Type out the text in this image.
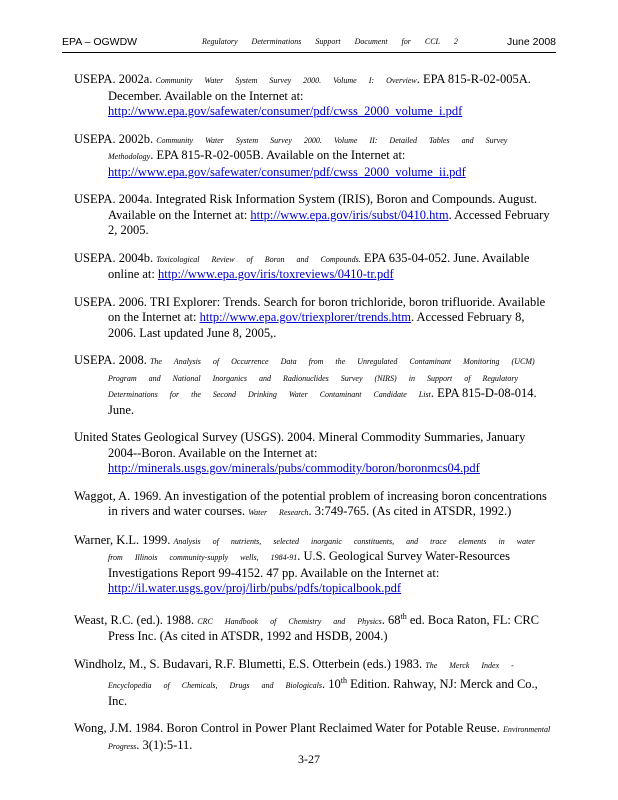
EPA – OGWDW	Regulatory Determinations Support Document for CCL 2	June 2008
USEPA. 2002a. Community Water System Survey 2000. Volume I: Overview. EPA 815-R-02-005A. December. Available on the Internet at: http://www.epa.gov/safewater/consumer/pdf/cwss_2000_volume_i.pdf
USEPA. 2002b. Community Water System Survey 2000. Volume II: Detailed Tables and Survey Methodology. EPA 815-R-02-005B. Available on the Internet at: http://www.epa.gov/safewater/consumer/pdf/cwss_2000_volume_ii.pdf
USEPA. 2004a. Integrated Risk Information System (IRIS), Boron and Compounds. August. Available on the Internet at: http://www.epa.gov/iris/subst/0410.htm. Accessed February 2, 2005.
USEPA. 2004b. Toxicological Review of Boron and Compounds. EPA 635-04-052. June. Available online at: http://www.epa.gov/iris/toxreviews/0410-tr.pdf
USEPA. 2006. TRI Explorer: Trends. Search for boron trichloride, boron trifluoride. Available on the Internet at: http://www.epa.gov/triexplorer/trends.htm. Accessed February 8, 2006. Last updated June 8, 2005,.
USEPA. 2008. The Analysis of Occurrence Data from the Unregulated Contaminant Monitoring (UCM) Program and National Inorganics and Radionuclides Survey (NIRS) in Support of Regulatory Determinations for the Second Drinking Water Contaminant Candidate List. EPA 815-D-08-014. June.
United States Geological Survey (USGS). 2004. Mineral Commodity Summaries, January 2004--Boron. Available on the Internet at: http://minerals.usgs.gov/minerals/pubs/commodity/boron/boronmcs04.pdf
Waggot, A. 1969. An investigation of the potential problem of increasing boron concentrations in rivers and water courses. Water Research. 3:749-765. (As cited in ATSDR, 1992.)
Warner, K.L. 1999. Analysis of nutrients, selected inorganic constituents, and trace elements in water from Illinois community-supply wells, 1984-91. U.S. Geological Survey Water-Resources Investigations Report 99-4152. 47 pp. Available on the Internet at: http://il.water.usgs.gov/proj/lirb/pubs/pdfs/topicalbook.pdf
Weast, R.C. (ed.). 1988. CRC Handbook of Chemistry and Physics. 68th ed. Boca Raton, FL: CRC Press Inc. (As cited in ATSDR, 1992 and HSDB, 2004.)
Windholz, M., S. Budavari, R.F. Blumetti, E.S. Otterbein (eds.) 1983. The Merck Index - Encyclopedia of Chemicals, Drugs and Biologicals. 10th Edition. Rahway, NJ: Merck and Co., Inc.
Wong, J.M. 1984. Boron Control in Power Plant Reclaimed Water for Potable Reuse. Environmental Progress. 3(1):5-11.
3-27
